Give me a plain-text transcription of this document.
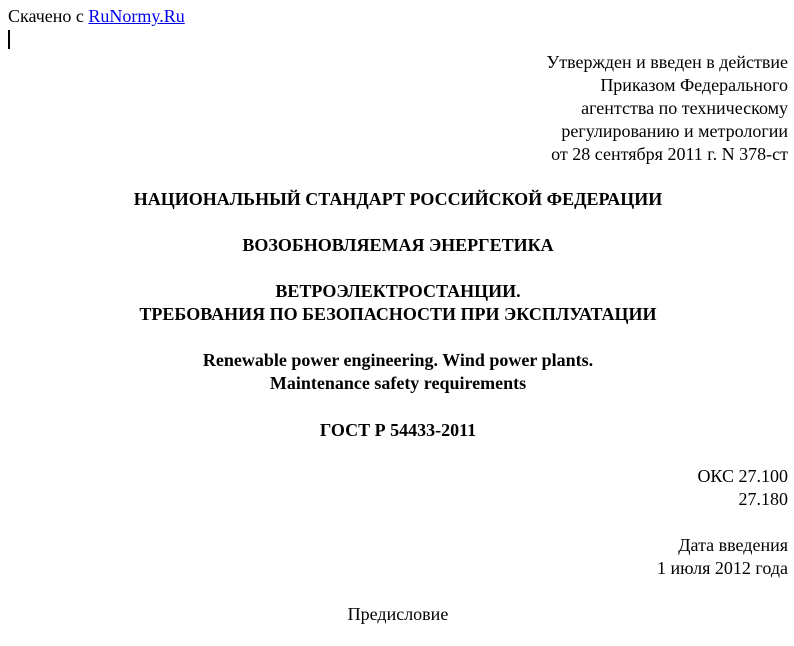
Скачено с RuNormy.Ru
Утвержден и введен в действие
Приказом Федерального
агентства по техническому
регулированию и метрологии
от 28 сентября 2011 г. N 378-ст
НАЦИОНАЛЬНЫЙ СТАНДАРТ РОССИЙСКОЙ ФЕДЕРАЦИИ
ВОЗОБНОВЛЯЕМАЯ ЭНЕРГЕТИКА
ВЕТРОЭЛЕКТРОСТАНЦИИ.
ТРЕБОВАНИЯ ПО БЕЗОПАСНОСТИ ПРИ ЭКСПЛУАТАЦИИ
Renewable power engineering. Wind power plants.
Maintenance safety requirements
ГОСТ Р 54433-2011
ОКС 27.100
27.180
Дата введения
1 июля 2012 года
Предисловие
